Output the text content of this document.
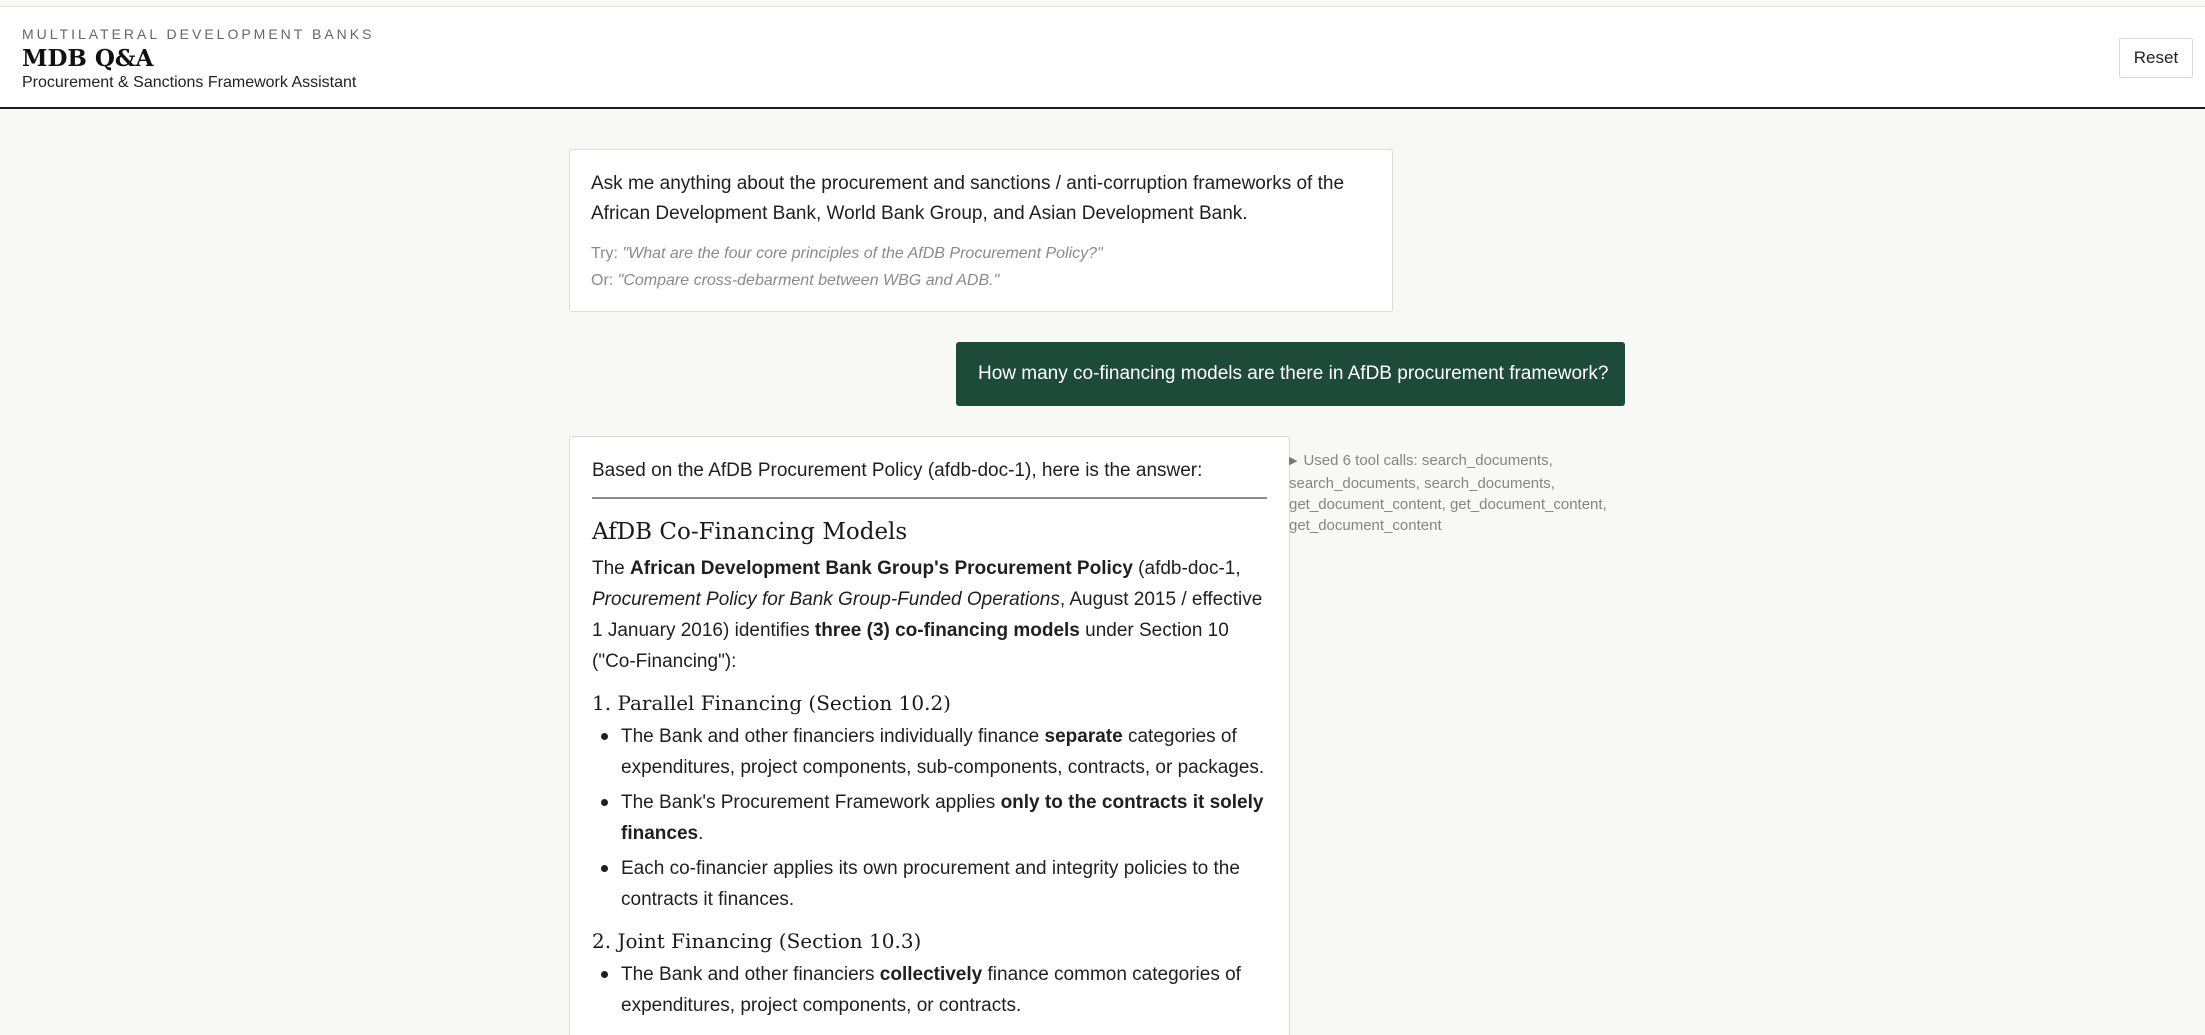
MULTILATERAL DEVELOPMENT BANKS
MDB Q&A
Procurement & Sanctions Framework Assistant
Reset

Ask me anything about the procurement and sanctions / anti-corruption frameworks of the African Development Bank, World Bank Group, and Asian Development Bank.

Try: "What are the four core principles of the AfDB Procurement Policy?"
Or: "Compare cross-debarment between WBG and ADB."
How many co-financing models are there in AfDB procurement framework?

Based on the AfDB Procurement Policy (afdb-doc-1), here is the answer:

AfDB Co-Financing Models

The African Development Bank Group's Procurement Policy (afdb-doc-1, Procurement Policy for Bank Group-Funded Operations, August 2015 / effective 1 January 2016) identifies three (3) co-financing models under Section 10 ("Co-Financing"):

1. Parallel Financing (Section 10.2)
The Bank and other financiers individually finance separate categories of expenditures, project components, sub-components, contracts, or packages.
The Bank's Procurement Framework applies only to the contracts it solely finances.
Each co-financier applies its own procurement and integrity policies to the contracts it finances.
2. Joint Financing (Section 10.3)
The Bank and other financiers collectively finance common categories of expenditures, project components, or contracts.
▶ Used 6 tool calls: search_documents, search_documents, search_documents, get_document_content, get_document_content, get_document_content
